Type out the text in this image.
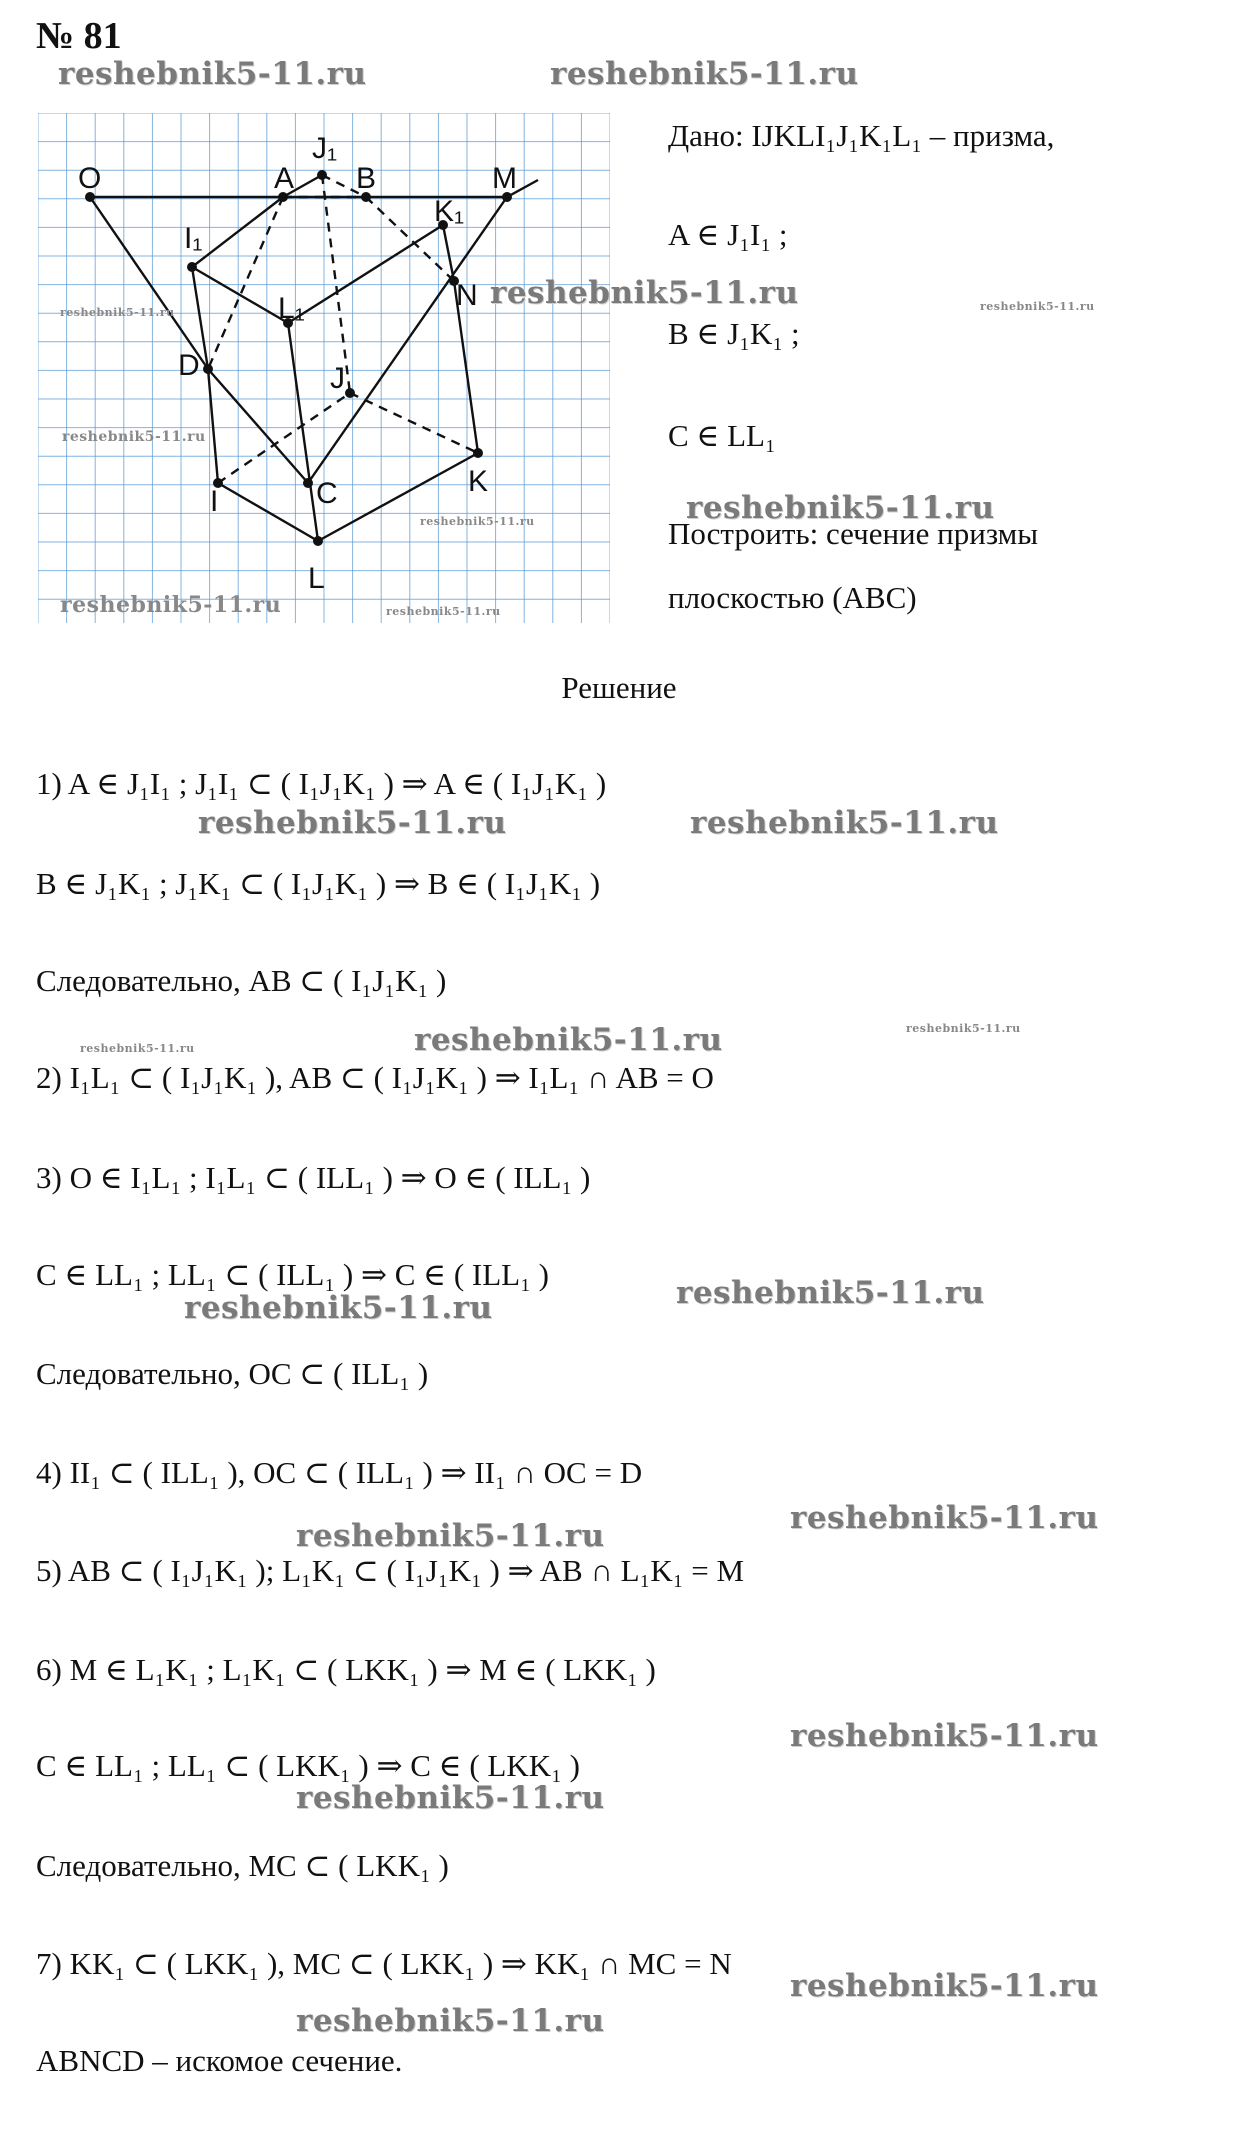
№ 81
O	A
J₁
B	M
K₁
I₁
N
L₁
D	J
K
I	C
L
Дано: IJKLI₁J₁K₁L₁ – призма,
A ∈ J₁I₁ ;
B ∈ J₁K₁ ;
C ∈ LL₁
Построить: сечение призмы
плоскостью (ABC)
Решение
1) A ∈ J₁I₁ ; J₁I₁ ⊂ ( I₁J₁K₁ ) ⇒ A ∈ ( I₁J₁K₁ )
B ∈ J₁K₁ ; J₁K₁ ⊂ ( I₁J₁K₁ ) ⇒ B ∈ ( I₁J₁K₁ )
Следовательно, AB ⊂ ( I₁J₁K₁ )
2) I₁L₁ ⊂ ( I₁J₁K₁ ), AB ⊂ ( I₁J₁K₁ ) ⇒ I₁L₁ ∩ AB = O
3) O ∈ I₁L₁ ; I₁L₁ ⊂ ( ILL₁ ) ⇒ O ∈ ( ILL₁ )
C ∈ LL₁ ; LL₁ ⊂ ( ILL₁ ) ⇒ C ∈ ( ILL₁ )
Следовательно, OC ⊂ ( ILL₁ )
4) II₁ ⊂ ( ILL₁ ), OC ⊂ ( ILL₁ ) ⇒ II₁ ∩ OC = D
5) AB ⊂ ( I₁J₁K₁ ); L₁K₁ ⊂ ( I₁J₁K₁ ) ⇒ AB ∩ L₁K₁ = M
6) M ∈ L₁K₁ ; L₁K₁ ⊂ ( LKK₁ ) ⇒ M ∈ ( LKK₁ )
C ∈ LL₁ ; LL₁ ⊂ ( LKK₁ ) ⇒ C ∈ ( LKK₁ )
Следовательно, MC ⊂ ( LKK₁ )
7) KK₁ ⊂ ( LKK₁ ), MC ⊂ ( LKK₁ ) ⇒ KK₁ ∩ MC = N
ABNCD – искомое сечение.
reshebnik5-11.ru	reshebnik5-11.ru
reshebnik5-11.ru
reshebnik5-11.ru	reshebnik5-11.ru
reshebnik5-11.ru
reshebnik5-11.ru	reshebnik5-11.ru
reshebnik5-11.ru	reshebnik5-11.ru
reshebnik5-11.ru	reshebnik5-11.ru
reshebnik5-11.ru	reshebnik5-11.ru	reshebnik5-11.ru
reshebnik5-11.ru
reshebnik5-11.ru
reshebnik5-11.ru
reshebnik5-11.ru
reshebnik5-11.ru
reshebnik5-11.ru
reshebnik5-11.ru
reshebnik5-11.ru
